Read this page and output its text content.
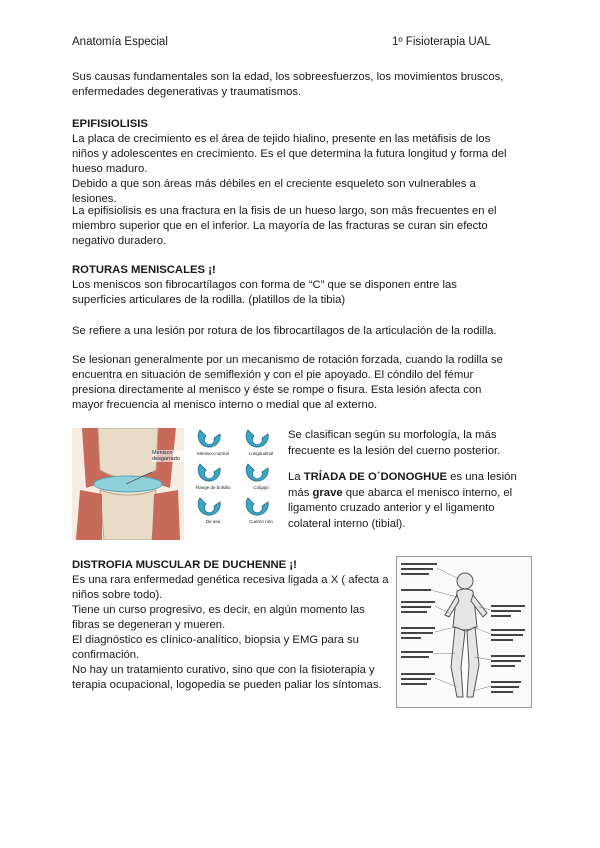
Anatomía Especial	1º Fisioterapia UAL

Sus causas fundamentales son la edad, los sobreesfuerzos, los movimientos bruscos, enfermedades degenerativas y traumatismos.

EPIFISIOLISIS

La placa de crecimiento es el área de tejido hialino, presente en las metáfisis de los niños y adolescentes en crecimiento. Es el que determina la futura longitud y forma del hueso maduro.

Debido a que son áreas más débiles en el creciente esqueleto son vulnerables a lesiones.

La epifisiolisis es una fractura en la fisis de un hueso largo, son más frecuentes en el miembro superior que en el inferior. La mayoría de las fracturas se curan sin efecto negativo duradero.

ROTURAS MENISCALES ¡!

Los meniscos son fibrocartílagos con forma de “C” que se disponen entre las superficies articulares de la rodilla. (platillos de la tibia)

Se refiere a una lesión por rotura de los fibrocartílagos de la articulación de la rodilla.

Se lesionan generalmente por un mecanismo de rotación forzada, cuando la rodilla se encuentra en situación de semiflexión y con el pie apoyado. El cóndilo del fémur presiona directamente al menisco y éste se rompe o fisura. Esta lesión afecta con mayor frecuencia al menisco interno o medial que al externo.

Menisco desgarrado
Menisco normal	Longitudinal
Flange de bolsillo	Colgajo
De asa	Cuerno roto

Se clasifican según su morfología, la más frecuente es la lesión del cuerno posterior.

La TRÍADA DE O´DONOGHUE es una lesión más grave que abarca el menisco interno, el ligamento cruzado anterior y el ligamento colateral interno (tibial).

DISTROFIA MUSCULAR DE DUCHENNE ¡!

Es una rara enfermedad genética recesiva ligada a X ( afecta a niños sobre todo).

Tiene un curso progresivo, es decir, en algún momento las fibras se degeneran y mueren.

El diagnóstico es clínico-analítico, biopsia y EMG para su confirmación.

No hay un tratamiento curativo, sino que con la fisioterapia y terapia ocupacional, logopedia se pueden paliar los síntomas.
